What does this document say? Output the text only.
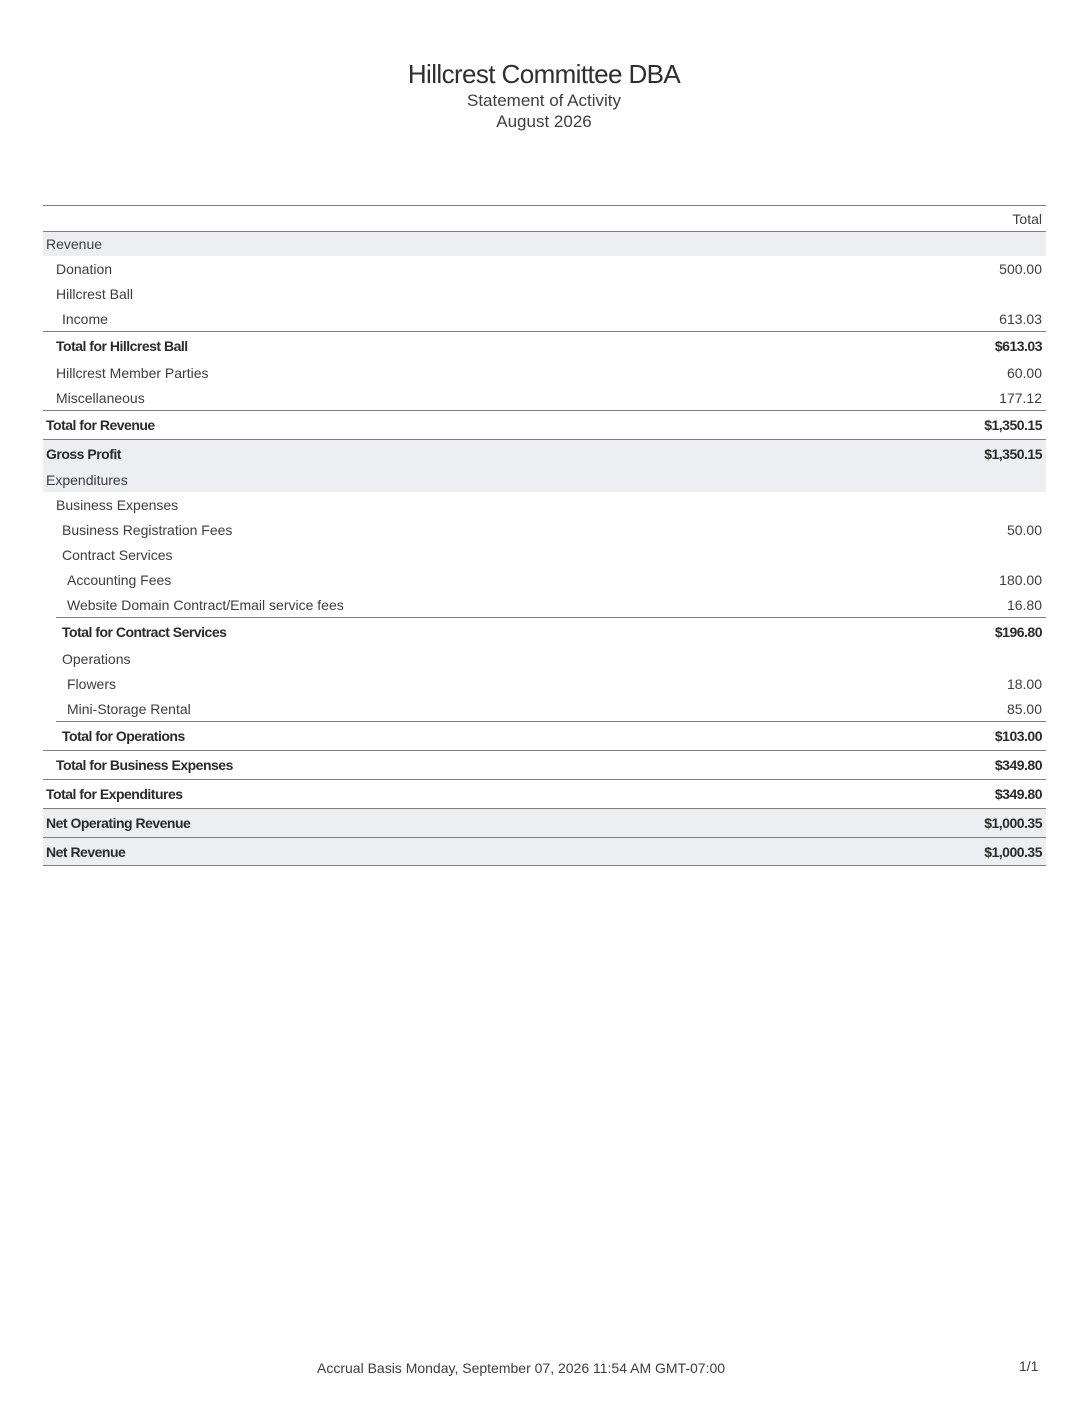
Hillcrest Committee DBA
Statement of Activity
August 2026
Total
Revenue
Donation	500.00
Hillcrest Ball
Income	613.03
Total for Hillcrest Ball	$613.03
Hillcrest Member Parties	60.00
Miscellaneous	177.12
Total for Revenue	$1,350.15
Gross Profit	$1,350.15
Expenditures
Business Expenses
Business Registration Fees	50.00
Contract Services
Accounting Fees	180.00
Website Domain Contract/Email service fees	16.80
Total for Contract Services	$196.80
Operations
Flowers	18.00
Mini-Storage Rental	85.00
Total for Operations	$103.00
Total for Business Expenses	$349.80
Total for Expenditures	$349.80
Net Operating Revenue	$1,000.35
Net Revenue	$1,000.35
Accrual Basis Monday, September 07, 2026 11:54 AM GMT-07:00	1/1
